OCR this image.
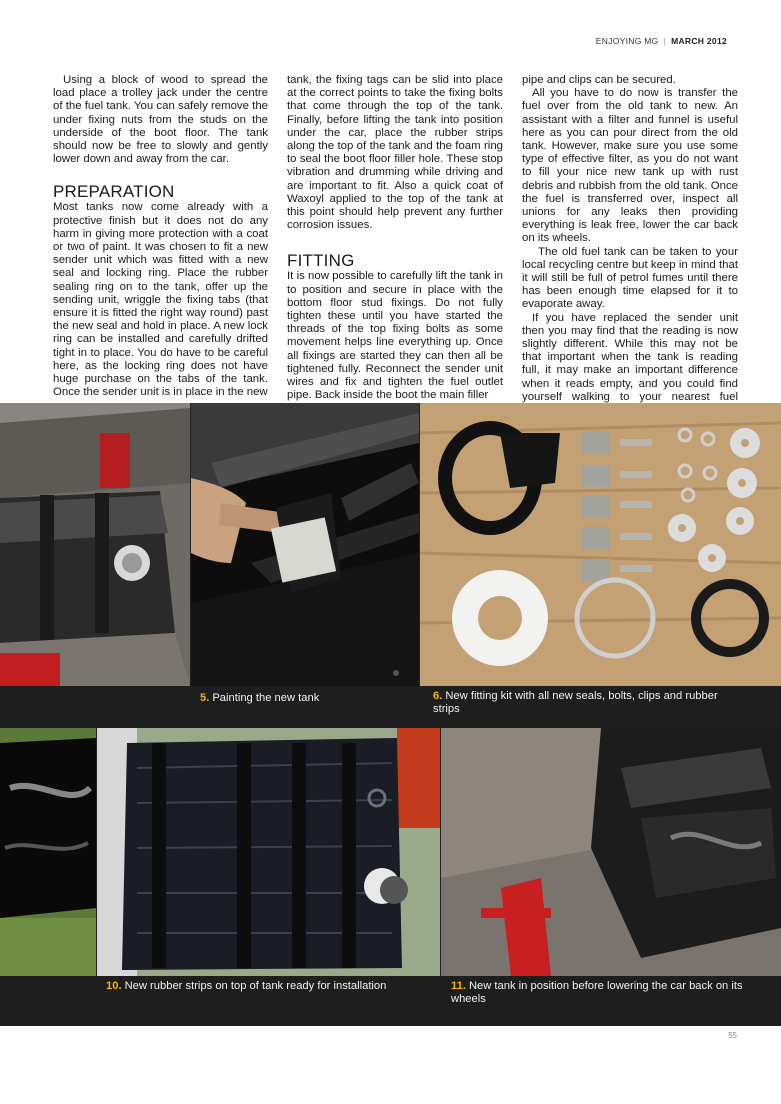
ENJOYING MG | MARCH 2012

Using a block of wood to spread the load place a trolley jack under the centre of the fuel tank. You can safely remove the under fixing nuts from the studs on the underside of the boot floor. The tank should now be free to slowly and gently lower down and away from the car.

PREPARATION

Most tanks now come already with a protective finish but it does not do any harm in giving more protection with a coat or two of paint. It was chosen to fit a new sender unit which was fitted with a new seal and locking ring. Place the rubber sealing ring on to the tank, offer up the sending unit, wriggle the fixing tabs (that ensure it is fitted the right way round) past the new seal and hold in place. A new lock ring can be installed and carefully drifted tight in to place. You do have to be careful here, as the locking ring does not have huge purchase on the tabs of the tank. Once the sender unit is in place in the new

tank, the fixing tags can be slid into place at the correct points to take the fixing bolts that come through the top of the tank. Finally, before lifting the tank into position under the car, place the rubber strips along the top of the tank and the foam ring to seal the boot floor filler hole. These stop vibration and drumming while driving and are important to fit. Also a quick coat of Waxoyl applied to the top of the tank at this point should help prevent any further corrosion issues.

FITTING

It is now possible to carefully lift the tank in to position and secure in place with the bottom floor stud fixings. Do not fully tighten these until you have started the threads of the top fixing bolts as some movement helps line everything up. Once all fixings are started they can then all be tightened fully. Reconnect the sender unit wires and fix and tighten the fuel outlet pipe. Back inside the boot the main filler

pipe and clips can be secured.

All you have to do now is transfer the fuel over from the old tank to new. An assistant with a filter and funnel is useful here as you can pour direct from the old tank. However, make sure you use some type of effective filter, as you do not want to fill your nice new tank up with rust debris and rubbish from the old tank. Once the fuel is transferred over, inspect all unions for any leaks then providing everything is leak free, lower the car back on its wheels.

The old fuel tank can be taken to your local recycling centre but keep in mind that it will still be full of petrol fumes until there has been enough time elapsed for it to evaporate away.

If you have replaced the sender unit then you may find that the reading is now slightly different. While this may not be that important when the tank is reading full, it may make an important difference when it reads empty, and you could find yourself walking to your nearest fuel

5. Painting the new tank	6. New fitting kit with all new seals, bolts, clips and rubber strips
10. New rubber strips on top of tank ready for installation	11. New tank in position before lowering the car back on its wheels
55
